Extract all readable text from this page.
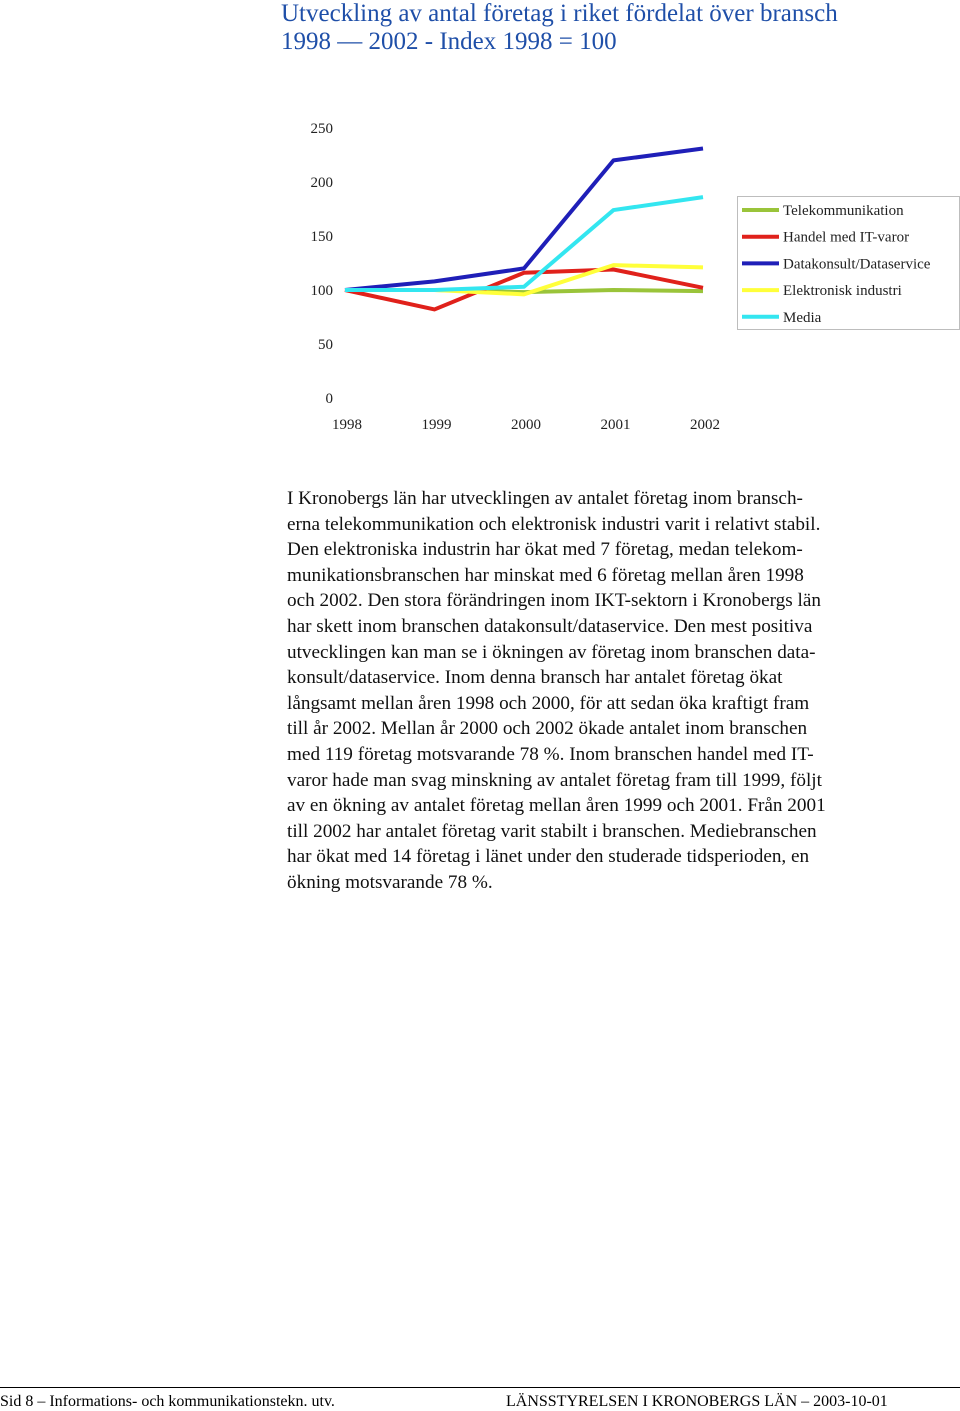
Utveckling av antal företag i riket fördelat över bransch
1998 — 2002 - Index 1998 = 100
0
50
100
150
200
250
1998	1999	2000	2001	2002
Telekommunikation
Handel med IT-varor
Datakonsult/Dataservice
Elektronisk industri
Media
I Kronobergs län har utvecklingen av antalet företag inom bransch-
erna telekommunikation och elektronisk industri varit i relativt stabil.
Den elektroniska industrin har ökat med 7 företag, medan telekom-
munikationsbranschen har minskat med 6 företag mellan åren 1998
och 2002. Den stora förändringen inom IKT-sektorn i Kronobergs län
har skett inom branschen datakonsult/dataservice. Den mest positiva
utvecklingen kan man se i ökningen av företag inom branschen data-
konsult/dataservice. Inom denna bransch har antalet företag ökat
långsamt mellan åren 1998 och 2000, för att sedan öka kraftigt fram
till år 2002. Mellan år 2000 och 2002 ökade antalet inom branschen
med 119 företag motsvarande 78 %. Inom branschen handel med IT-
varor hade man svag minskning av antalet företag fram till 1999, följt
av en ökning av antalet företag mellan åren 1999 och 2001. Från 2001
till 2002 har antalet företag varit stabilt i branschen. Mediebranschen
har ökat med 14 företag i länet under den studerade tidsperioden, en
ökning motsvarande 78 %.
Sid 8 – Informations- och kommunikationstekn. utv.	LÄNSSTYRELSEN I KRONOBERGS LÄN – 2003-10-01
